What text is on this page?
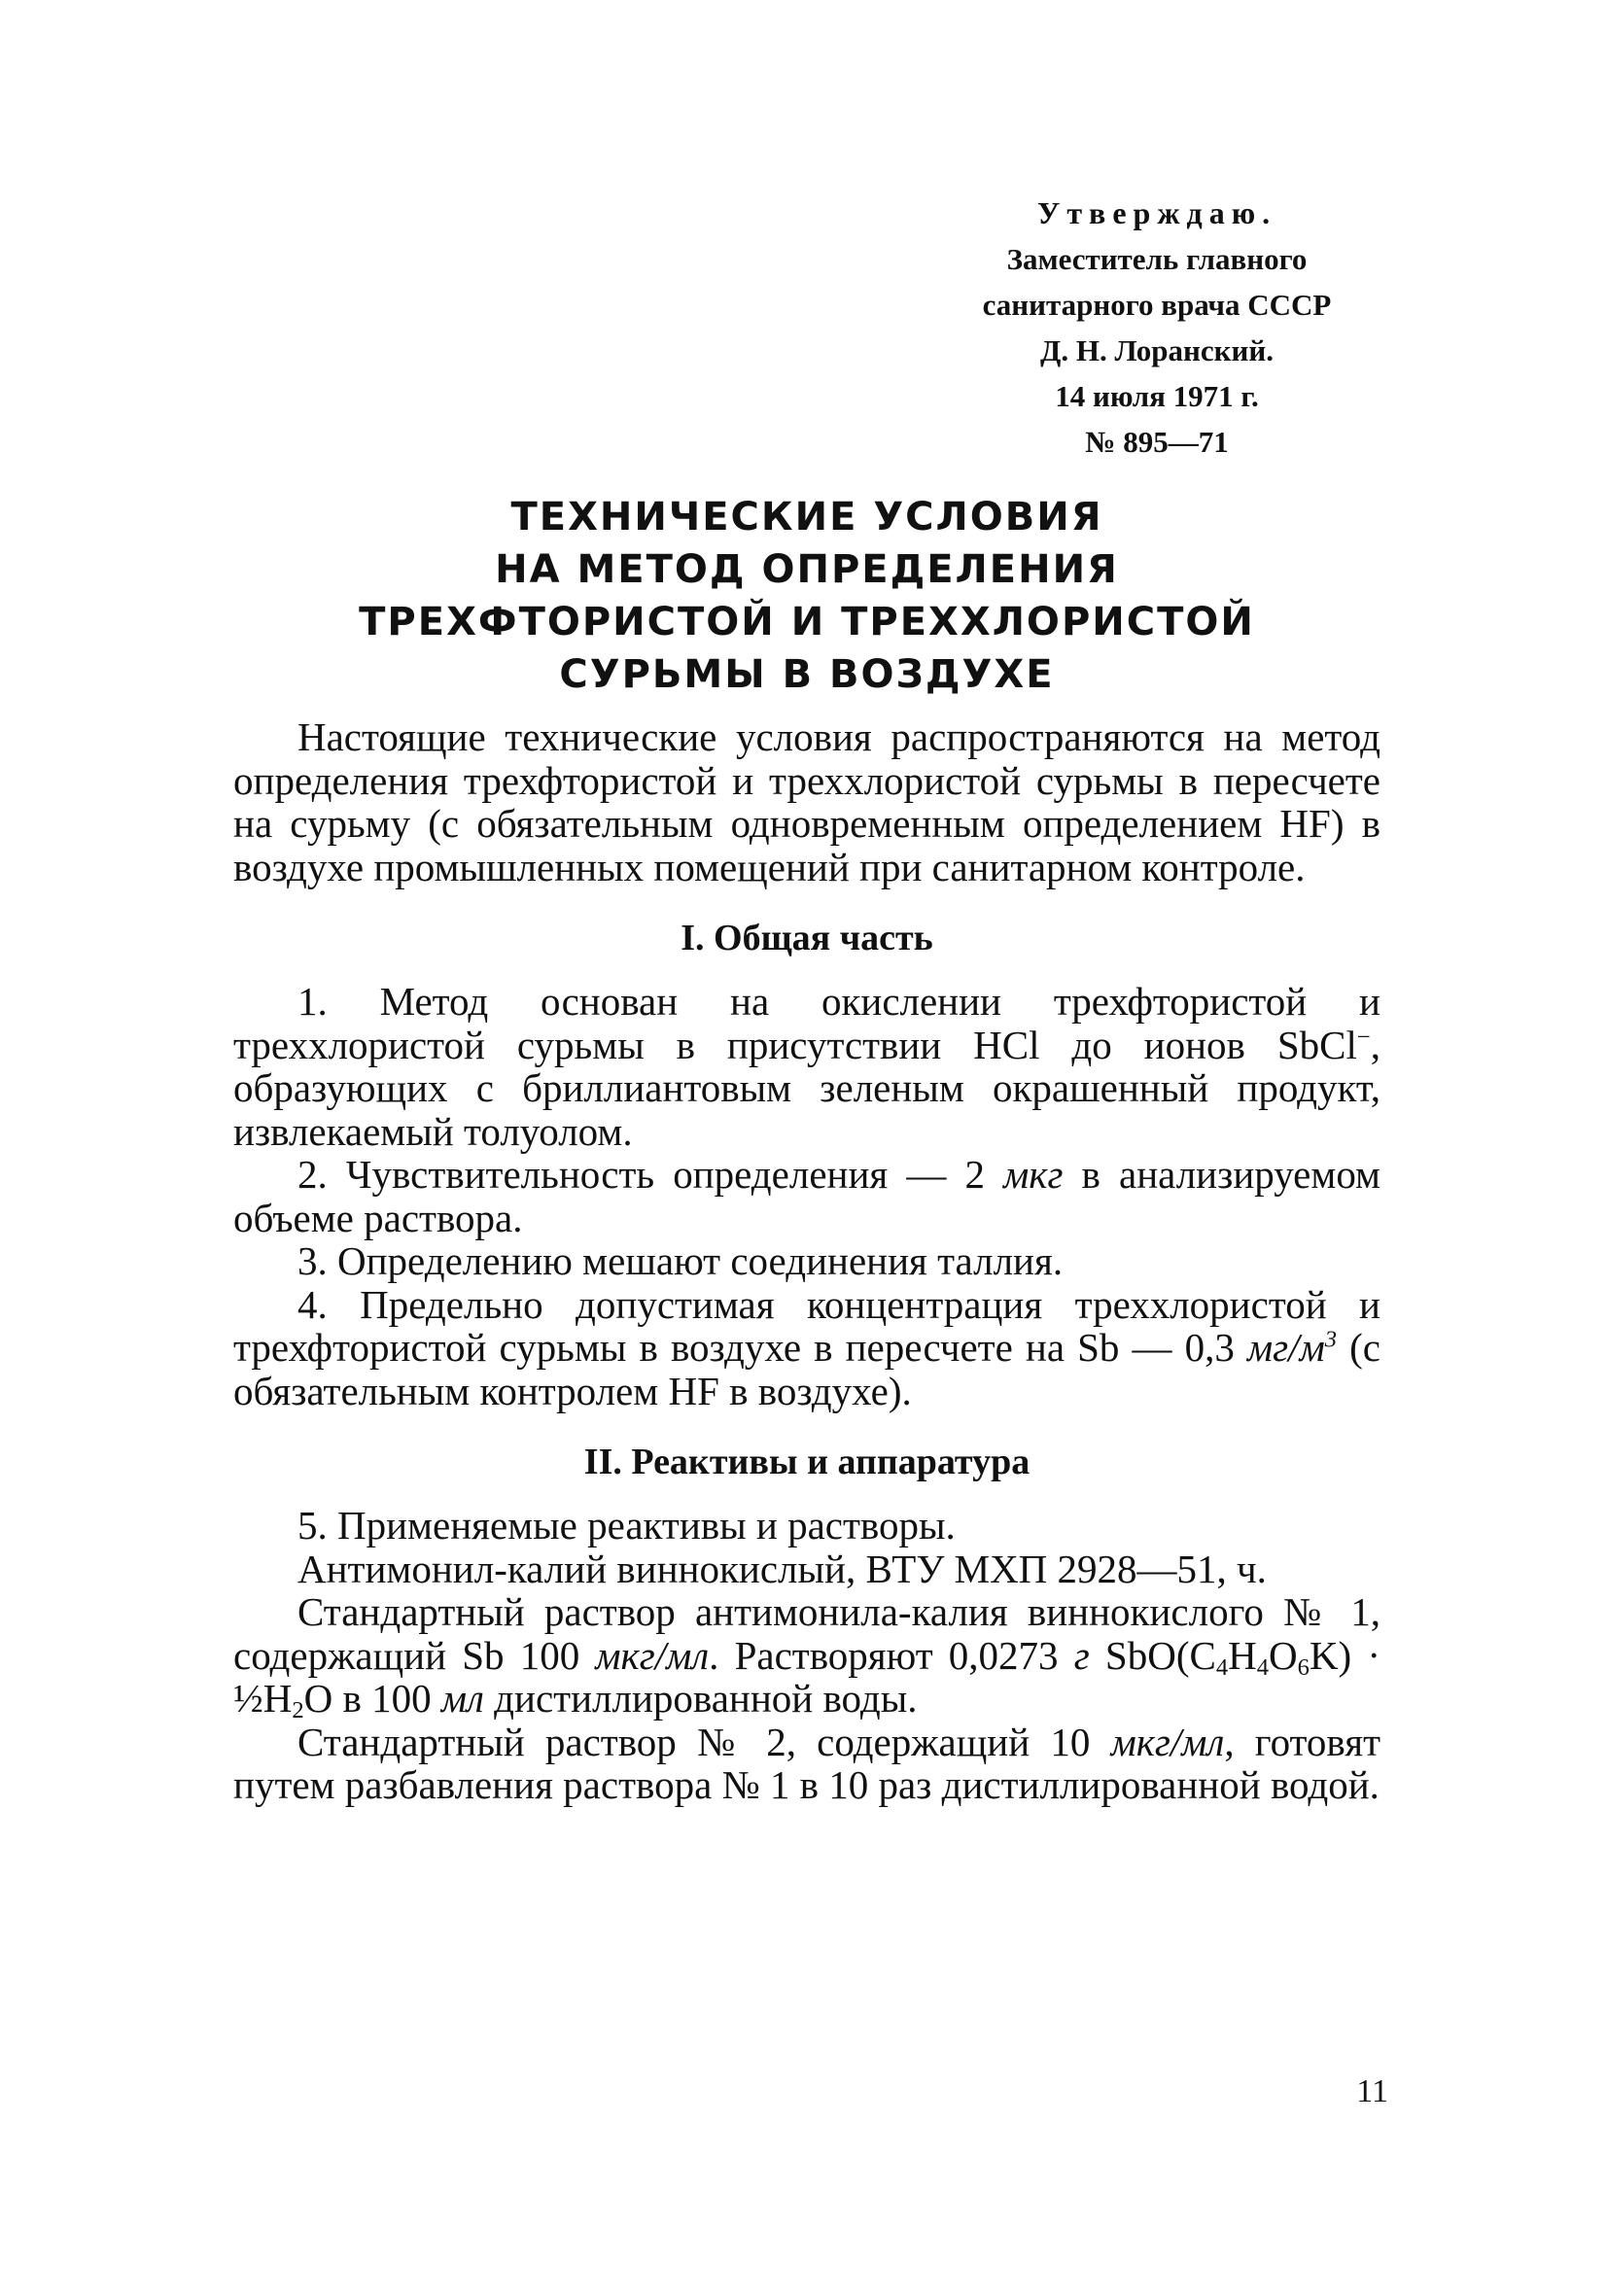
Утверждаю.
Заместитель главного
санитарного врача СССР
Д. Н. Лоранский.
14 июля 1971 г.
№ 895—71
ТЕХНИЧЕСКИЕ УСЛОВИЯ
НА МЕТОД ОПРЕДЕЛЕНИЯ
ТРЕХФТОРИСТОЙ И ТРЕХХЛОРИСТОЙ
СУРЬМЫ В ВОЗДУХЕ

Настоящие технические условия распространяются на метод определения трехфтористой и треххлористой сурьмы в пересчете на сурьму (с обязательным одновременным определением HF) в воздухе промышленных помещений при санитарном контроле.

I. Общая часть

1. Метод основан на окислении трехфтористой и треххлористой сурьмы в присутствии HCl до ионов SbCl−, образующих с бриллиантовым зеленым окрашенный продукт, извлекаемый толуолом.

2. Чувствительность определения — 2 мкг в анализируемом объеме раствора.

3. Определению мешают соединения таллия.

4. Предельно допустимая концентрация треххлористой и трехфтористой сурьмы в воздухе в пересчете на Sb — 0,3 $мг/м^3$ (с обязательным контролем HF в воздухе).

II. Реактивы и аппаратура

5. Применяемые реактивы и растворы.

Антимонил-калий виннокислый, ВТУ МХП 2928—51, ч.

Стандартный раствор антимонила-калия виннокислого № 1, содержащий Sb 100 мкг/мл. Растворяют 0,0273 г $SbO(C_4H_4O_6K)$ · $\frac{1}{2}H_2O$ в 100 мл дистиллированной воды.

Стандартный раствор № 2, содержащий 10 мкг/мл, готовят путем разбавления раствора № 1 в 10 раз дистиллированной водой.

11
